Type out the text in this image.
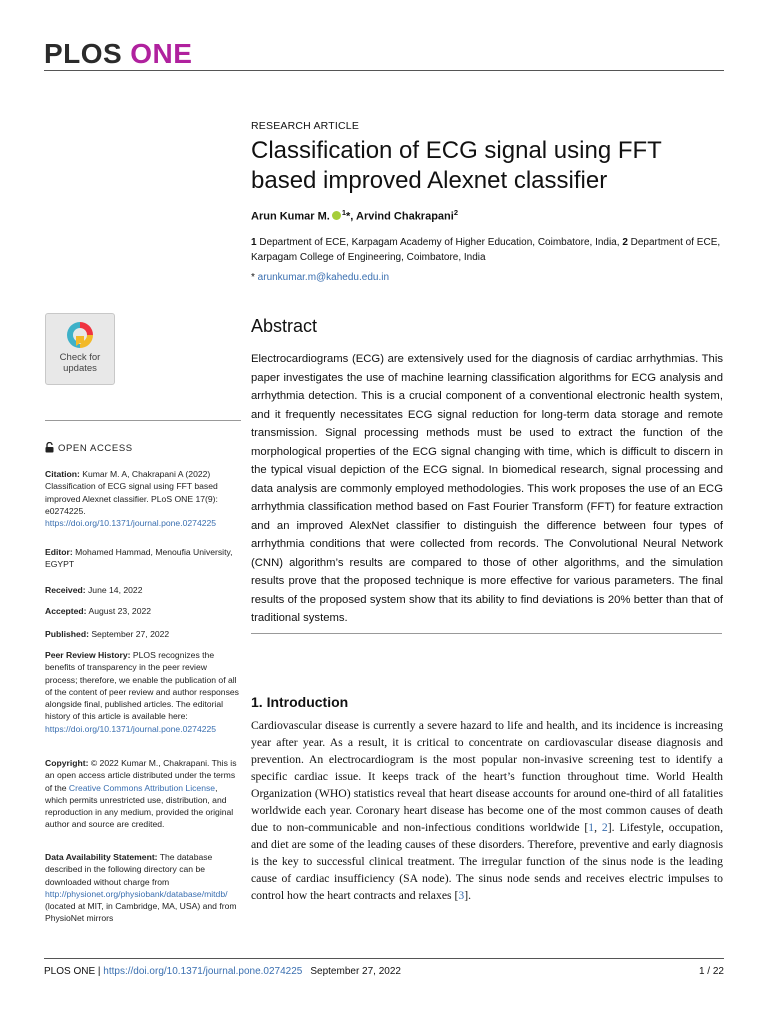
PLOS ONE
RESEARCH ARTICLE
Classification of ECG signal using FFT based improved Alexnet classifier
Arun Kumar M. $^1$*, Arvind Chakrapani$^2$
1 Department of ECE, Karpagam Academy of Higher Education, Coimbatore, India, 2 Department of ECE, Karpagam College of Engineering, Coimbatore, India
* arunkumar.m@kahedu.edu.in
Check for
updates
Abstract
Electrocardiograms (ECG) are extensively used for the diagnosis of cardiac arrhythmias. This paper investigates the use of machine learning classification algorithms for ECG analysis and arrhythmia detection. This is a crucial component of a conventional electronic health system, and it frequently necessitates ECG signal reduction for long-term data storage and remote transmission. Signal processing methods must be used to extract the function of the morphological properties of the ECG signal changing with time, which is difficult to discern in the typical visual depiction of the ECG signal. In biomedical research, signal processing and data analysis are commonly employed methodologies. This work proposes the use of an ECG arrhythmia classification method based on Fast Fourier Transform (FFT) for feature extraction and an improved AlexNet classifier to distinguish the difference between four types of arrhythmia conditions that were collected from records. The Convolutional Neural Network (CNN) algorithm’s results are compared to those of other algorithms, and the simulation results prove that the proposed technique is more effective for various parameters. The final results of the proposed system show that its ability to find deviations is 20% better than that of traditional systems.
OPEN ACCESS
Citation: Kumar M. A, Chakrapani A (2022) Classification of ECG signal using FFT based improved Alexnet classifier. PLoS ONE 17(9): e0274225. https://doi.org/10.1371/journal.pone.0274225
Editor: Mohamed Hammad, Menoufia University, EGYPT
Received: June 14, 2022
Accepted: August 23, 2022
Published: September 27, 2022
Peer Review History: PLOS recognizes the benefits of transparency in the peer review process; therefore, we enable the publication of all of the content of peer review and author responses alongside final, published articles. The editorial history of this article is available here: https://doi.org/10.1371/journal.pone.0274225
Copyright: © 2022 Kumar M., Chakrapani. This is an open access article distributed under the terms of the Creative Commons Attribution License, which permits unrestricted use, distribution, and reproduction in any medium, provided the original author and source are credited.
Data Availability Statement: The database described in the following directory can be downloaded without charge from http://physionet.org/physiobank/database/mitdb/ (located at MIT, in Cambridge, MA, USA) and from PhysioNet mirrors
1. Introduction
Cardiovascular disease is currently a severe hazard to life and health, and its incidence is increasing year after year. As a result, it is critical to concentrate on cardiovascular disease diagnosis and prevention. An electrocardiogram is the most popular non-invasive screening test to identify a specific cardiac issue. It keeps track of the heart’s function throughout time. World Health Organization (WHO) statistics reveal that heart disease accounts for around one-third of all fatalities worldwide each year. Coronary heart disease has become one of the most common causes of death due to non-communicable and non-infectious conditions worldwide [1, 2]. Lifestyle, occupation, and diet are some of the leading causes of these disorders. Therefore, preventive and early diagnosis is the key to successful clinical treatment. The irregular function of the sinus node is the leading cause of cardiac insufficiency (SA node). The sinus node sends and receives electric impulses to control how the heart contracts and relaxes [3].
PLOS ONE | https://doi.org/10.1371/journal.pone.0274225 September 27, 2022	1 / 22
